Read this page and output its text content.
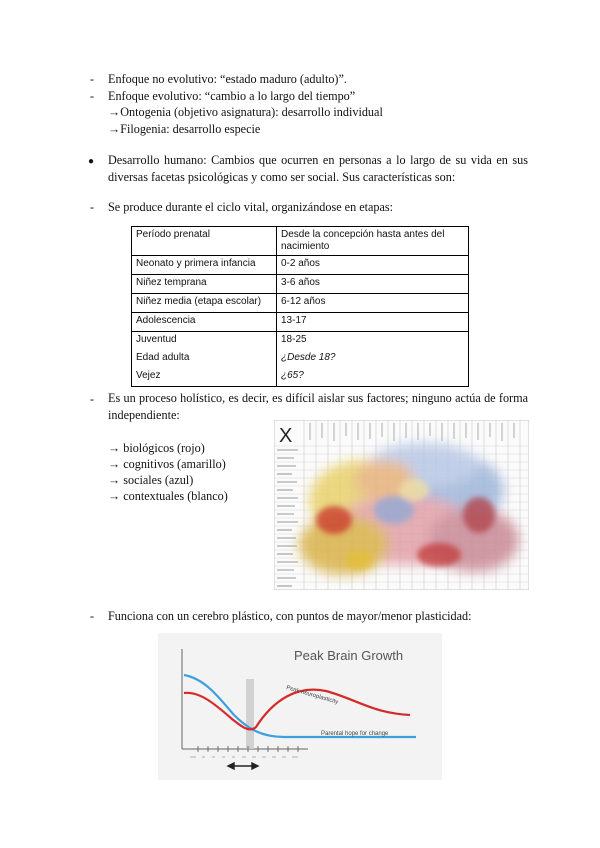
- Enfoque no evolutivo: “estado maduro (adulto)”.
- Enfoque evolutivo: “cambio a lo largo del tiempo”
→Ontogenia (objetivo asignatura): desarrollo individual
→Filogenia: desarrollo especie
● Desarrollo humano: Cambios que ocurren en personas a lo largo de su vida en sus diversas facetas psicológicas y como ser social. Sus características son:
- Se produce durante el ciclo vital, organizándose en etapas:
Período prenatal	Desde la concepción hasta antes del nacimiento
Neonato y primera infancia	0-2 años
Niñez temprana	3-6 años
Niñez media (etapa escolar)	6-12 años
Adolescencia	13-17
Juventud	18-25
Edad adulta	¿Desde 18?
Vejez	¿65?
- Es un proceso holístico, es decir, es difícil aislar sus factores; ninguno actúa de forma independiente:
→ biológicos (rojo)
→ cognitivos (amarillo)
→ sociales (azul)
→ contextuales (blanco)
X
- Funciona con un cerebro plástico, con puntos de mayor/menor plasticidad:
Peak Brain Growth
Peak neuroplasticity
Parental hope for change
